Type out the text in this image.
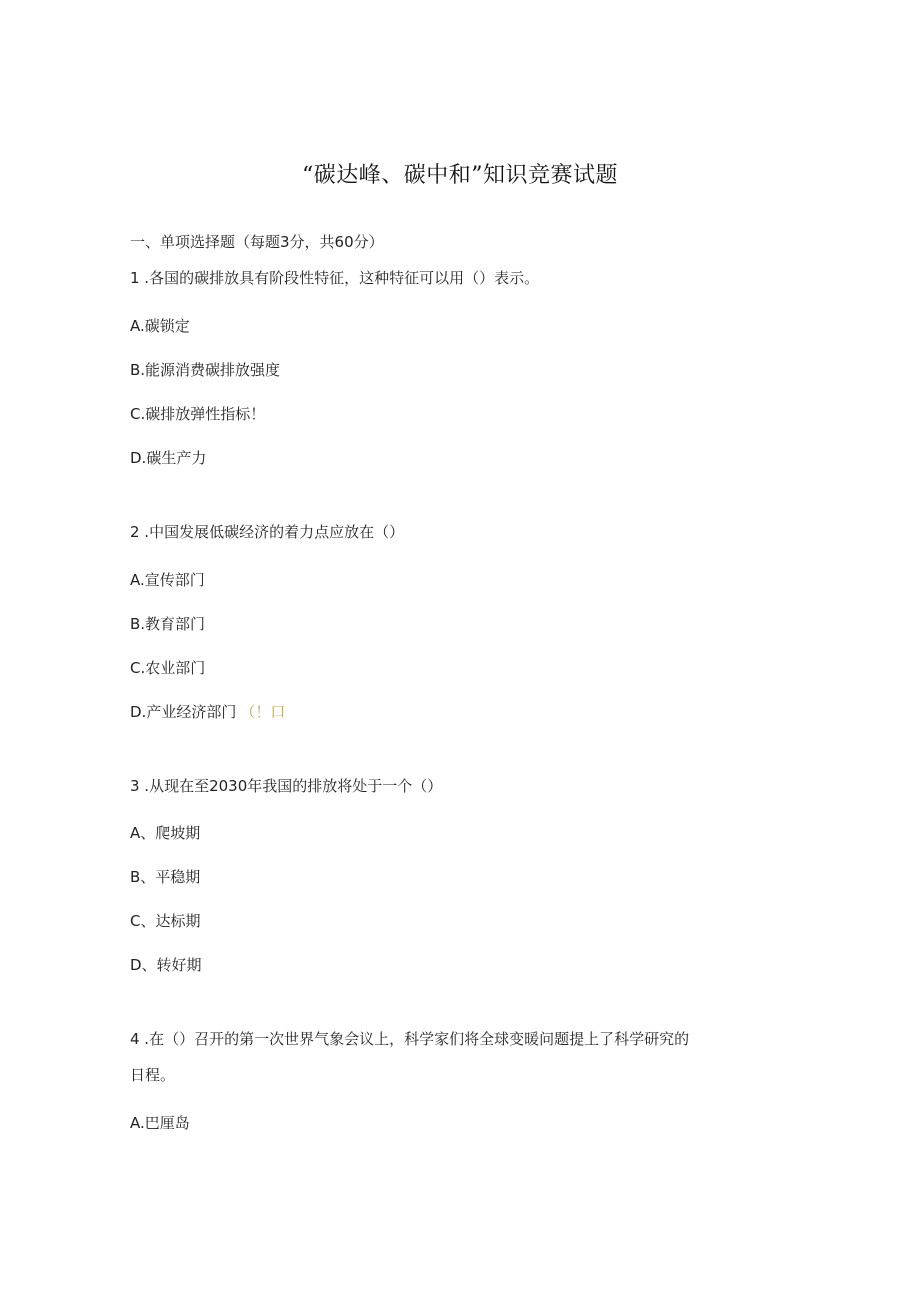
“碳达峰、碳中和”知识竞赛试题
一、单项选择题（每题3分，共60分）
1 .各国的碳排放具有阶段性特征，这种特征可以用（）表示。
A.碳锁定
B.能源消费碳排放强度
C.碳排放弹性指标！
D.碳生产力
2 .中国发展低碳经济的着力点应放在（）
A.宣传部门
B.教育部门
C.农业部门
D.产业经济部门 （！口
3 .从现在至2030年我国的排放将处于一个（）
A、爬坡期
B、平稳期
C、达标期
D、转好期
4 .在（）召开的第一次世界气象会议上，科学家们将全球变暖问题提上了科学研究的
日程。
A.巴厘岛
